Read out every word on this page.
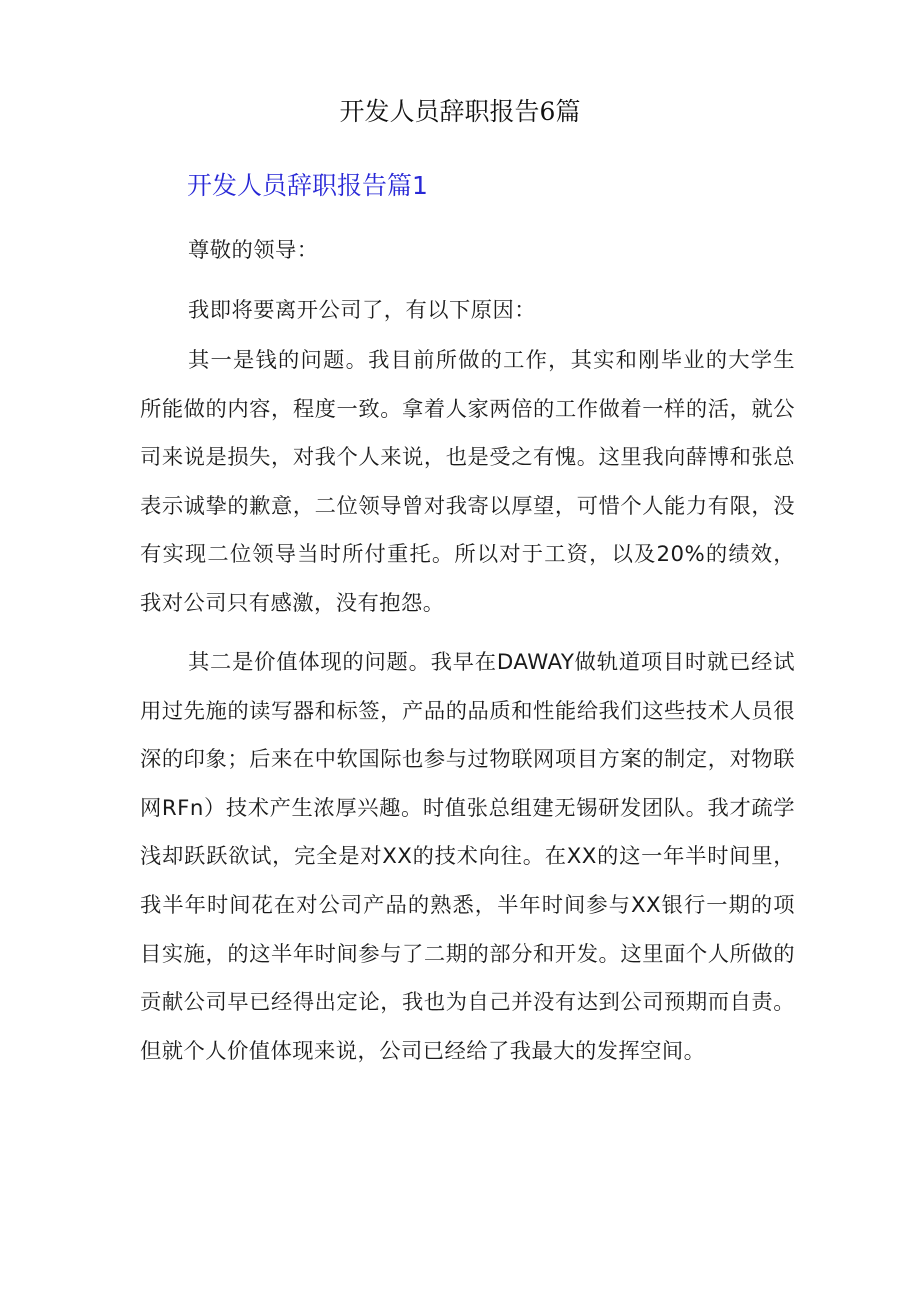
开发人员辞职报告6篇
开发人员辞职报告篇1

尊敬的领导：

我即将要离开公司了，有以下原因：

其一是钱的问题。我目前所做的工作，其实和刚毕业的大学生所能做的内容，程度一致。拿着人家两倍的工作做着一样的活，就公司来说是损失，对我个人来说，也是受之有愧。这里我向薛博和张总表示诚挚的歉意，二位领导曾对我寄以厚望，可惜个人能力有限，没有实现二位领导当时所付重托。所以对于工资，以及20%的绩效，我对公司只有感激，没有抱怨。

其二是价值体现的问题。我早在DAWAY做轨道项目时就已经试用过先施的读写器和标签，产品的品质和性能给我们这些技术人员很深的印象；后来在中软国际也参与过物联网项目方案的制定，对物联网RFn）技术产生浓厚兴趣。时值张总组建无锡研发团队。我才疏学浅却跃跃欲试，完全是对XX的技术向往。在XX的这一年半时间里，我半年时间花在对公司产品的熟悉，半年时间参与XX银行一期的项目实施，的这半年时间参与了二期的部分和开发。这里面个人所做的贡献公司早已经得出定论，我也为自己并没有达到公司预期而自责。但就个人价值体现来说，公司已经给了我最大的发挥空间。
